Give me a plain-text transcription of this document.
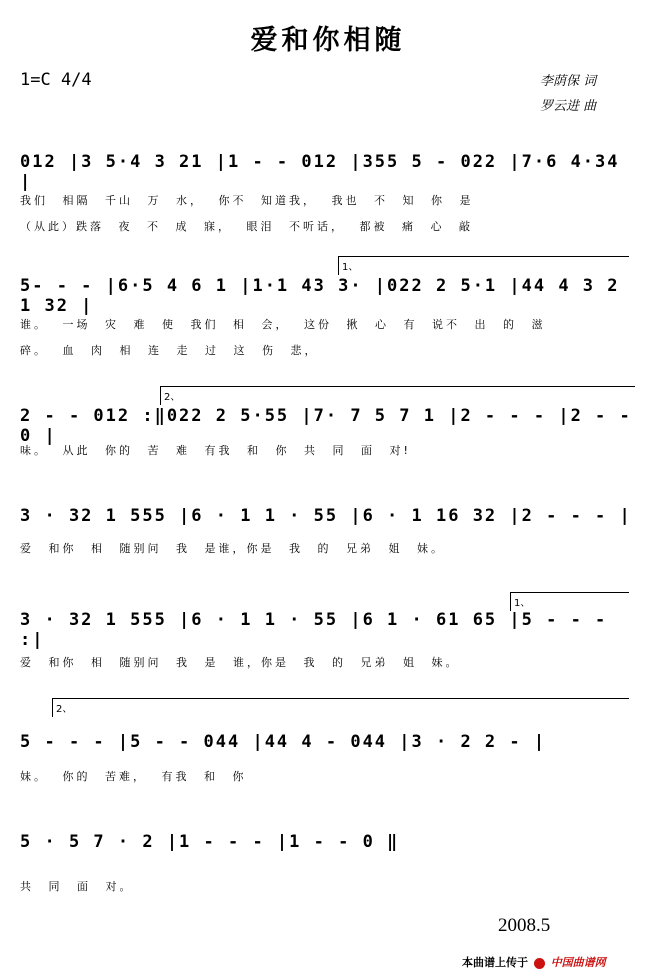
爱和你相随
1=C 4/4	李荫保 词
罗云进 曲
012 |3 5·4 3 21 |1 - - 012 |355 5 - 022 |7·6 4·34 |
我们 相隔 千山 万 水， 你不 知道我， 我也 不 知 你 是
（从此）跌落 夜 不 成 寐， 眼泪 不听话， 都被 痛 心 敲
1、
5- - - |6·5 4 6 1 |1·1 43 3· |022 2 5·1 |44 4 3 2 1 32 |
谁。 一场 灾 难 使 我们 相 会， 这份 揪 心 有 说不 出 的 滋
碎。 血 肉 相 连 走 过 这 伤 悲，
2、
2 - - 012 :‖022 2 5·55 |7· 7 5 7 1 |2 - - - |2 - - 0 |
味。 从此 你的 苦 难 有我 和 你 共 同 面 对!
3 · 32 1 555 |6 · 1 1 · 55 |6 · 1 16 32 |2 - - - |
爱 和你 相 随别问 我 是谁，你是 我 的 兄弟 姐 妹。
1、
3 · 32 1 555 |6 · 1 1 · 55 |6 1 · 61 65 |5 - - - :|
爱 和你 相 随别问 我 是 谁，你是 我 的 兄弟 姐 妹。
2、
5 - - - |5 - - 044 |44 4 - 044 |3 · 2 2 - |
妹。 你的 苦难， 有我 和 你
5 · 5 7 · 2 |1 - - - |1 - - 0 ‖
共 同 面 对。
2008.5
本曲谱上传于 中国曲谱网
